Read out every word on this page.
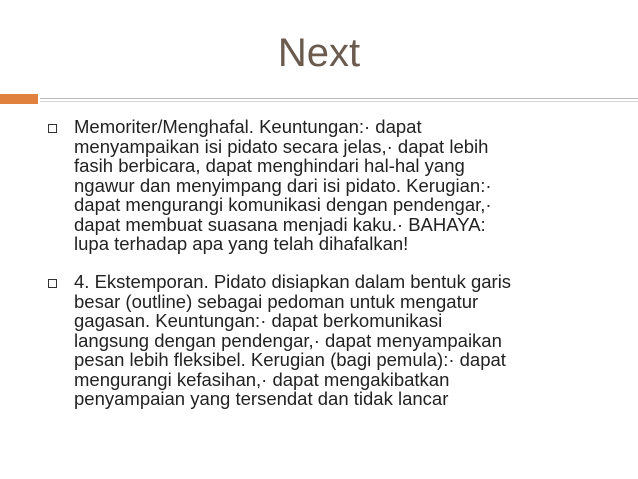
Next
Memoriter/Menghafal. Keuntungan:· dapat
menyampaikan isi pidato secara jelas,· dapat lebih
fasih berbicara, dapat menghindari hal-hal yang
ngawur dan menyimpang dari isi pidato. Kerugian:·
dapat mengurangi komunikasi dengan pendengar,·
dapat membuat suasana menjadi kaku.· BAHAYA:
lupa terhadap apa yang telah dihafalkan!
4. Ekstemporan. Pidato disiapkan dalam bentuk garis
besar (outline) sebagai pedoman untuk mengatur
gagasan. Keuntungan:· dapat berkomunikasi
langsung dengan pendengar,· dapat menyampaikan
pesan lebih fleksibel. Kerugian (bagi pemula):· dapat
mengurangi kefasihan,· dapat mengakibatkan
penyampaian yang tersendat dan tidak lancar
